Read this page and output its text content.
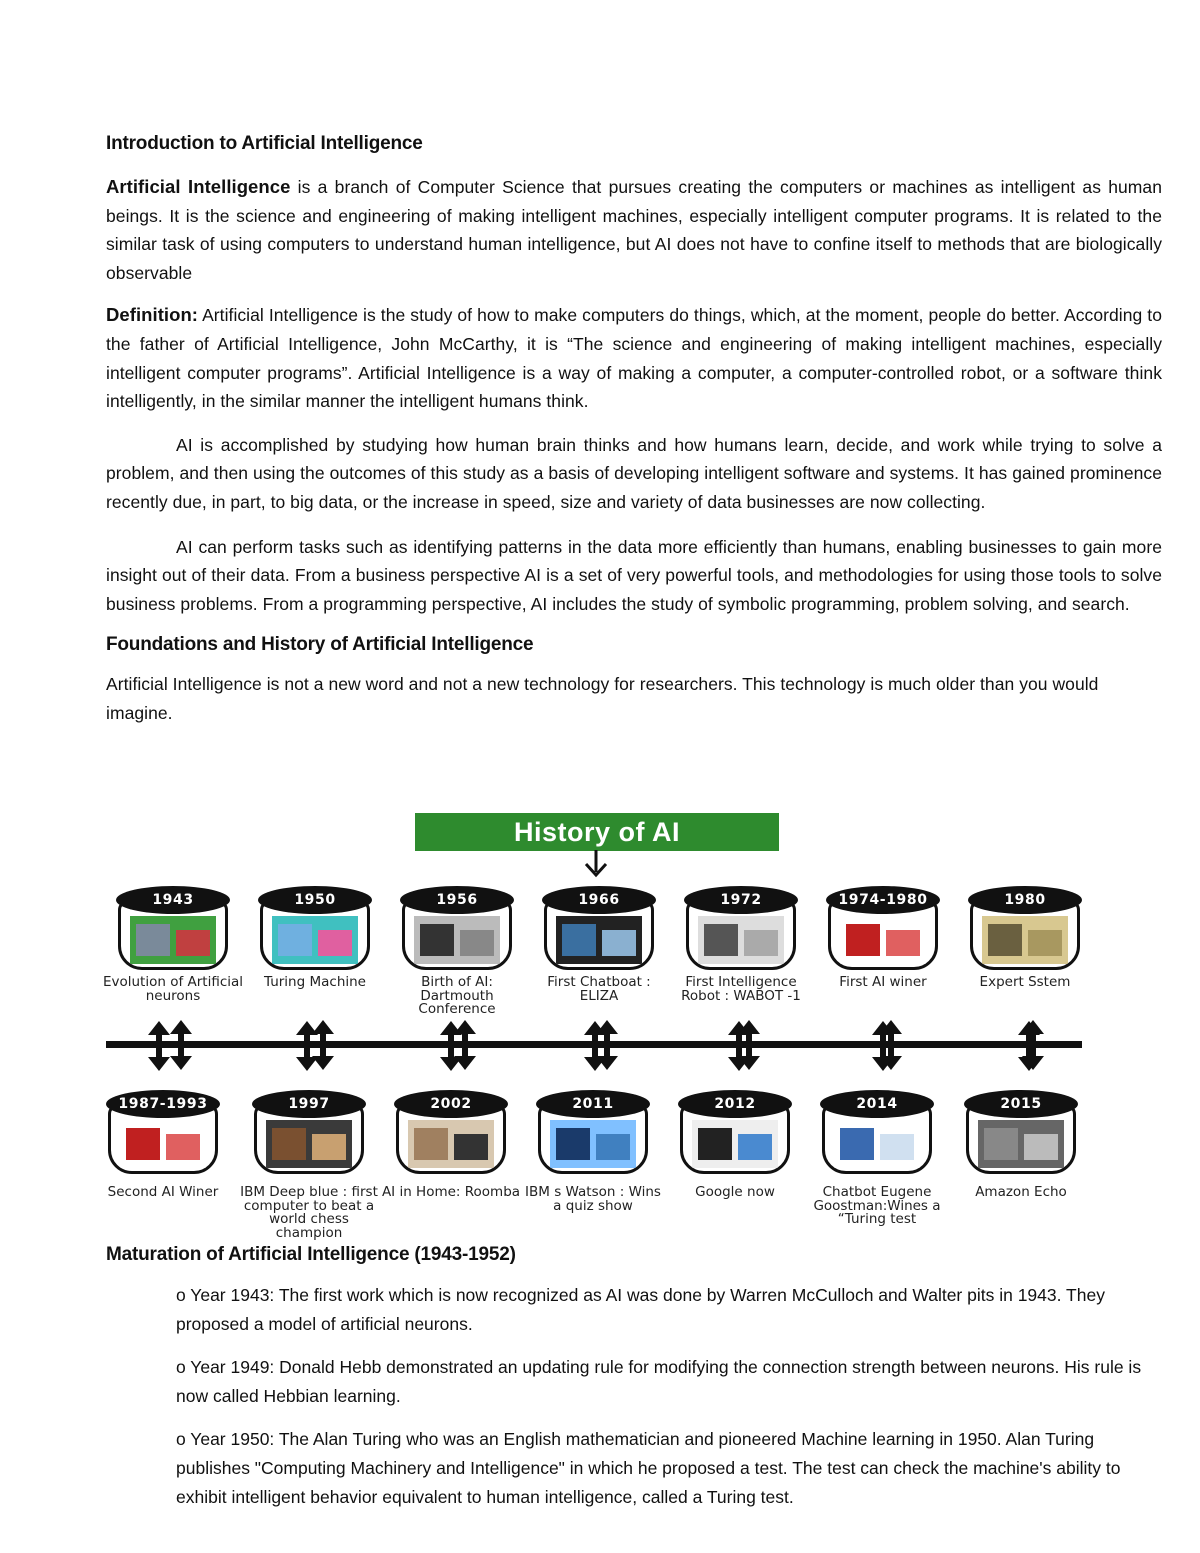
Introduction to Artificial Intelligence

Artificial Intelligence is a branch of Computer Science that pursues creating the computers or machines as intelligent as human beings. It is the science and engineering of making intelligent machines, especially intelligent computer programs. It is related to the similar task of using computers to understand human intelligence, but AI does not have to confine itself to methods that are biologically observable

Definition: Artificial Intelligence is the study of how to make computers do things, which, at the moment, people do better. According to the father of Artificial Intelligence, John McCarthy, it is “The science and engineering of making intelligent machines, especially intelligent computer programs”. Artificial Intelligence is a way of making a computer, a computer-controlled robot, or a software think intelligently, in the similar manner the intelligent humans think.

AI is accomplished by studying how human brain thinks and how humans learn, decide, and work while trying to solve a problem, and then using the outcomes of this study as a basis of developing intelligent software and systems. It has gained prominence recently due, in part, to big data, or the increase in speed, size and variety of data businesses are now collecting.

AI can perform tasks such as identifying patterns in the data more efficiently than humans, enabling businesses to gain more insight out of their data. From a business perspective AI is a set of very powerful tools, and methodologies for using those tools to solve business problems. From a programming perspective, AI includes the study of symbolic programming, problem solving, and search.

Foundations and History of Artificial Intelligence

Artificial Intelligence is not a new word and not a new technology for researchers. This technology is much older than you would imagine.

History of AI
1943
Evolution of Artificial neurons
1950
Turing Machine
1956
Birth of AI: Dartmouth Conference
1966
First Chatboat : ELIZA
1972
First Intelligence Robot : WABOT -1
1974-1980
First AI winer
1980
Expert Sstem
1987-1993
Second AI Winer
1997
IBM Deep blue : first computer to beat a world chess champion
2002
AI in Home: Roomba
2011
IBM s Watson : Wins a quiz show
2012
Google now
2014
Chatbot Eugene Goostman:Wines a “Turing test
2015
Amazon Echo

Maturation of Artificial Intelligence (1943-1952)

o Year 1943: The first work which is now recognized as AI was done by Warren McCulloch and Walter pits in 1943. They proposed a model of artificial neurons.

o Year 1949: Donald Hebb demonstrated an updating rule for modifying the connection strength between neurons. His rule is now called Hebbian learning.

o Year 1950: The Alan Turing who was an English mathematician and pioneered Machine learning in 1950. Alan Turing publishes "Computing Machinery and Intelligence" in which he proposed a test. The test can check the machine's ability to exhibit intelligent behavior equivalent to human intelligence, called a Turing test.
